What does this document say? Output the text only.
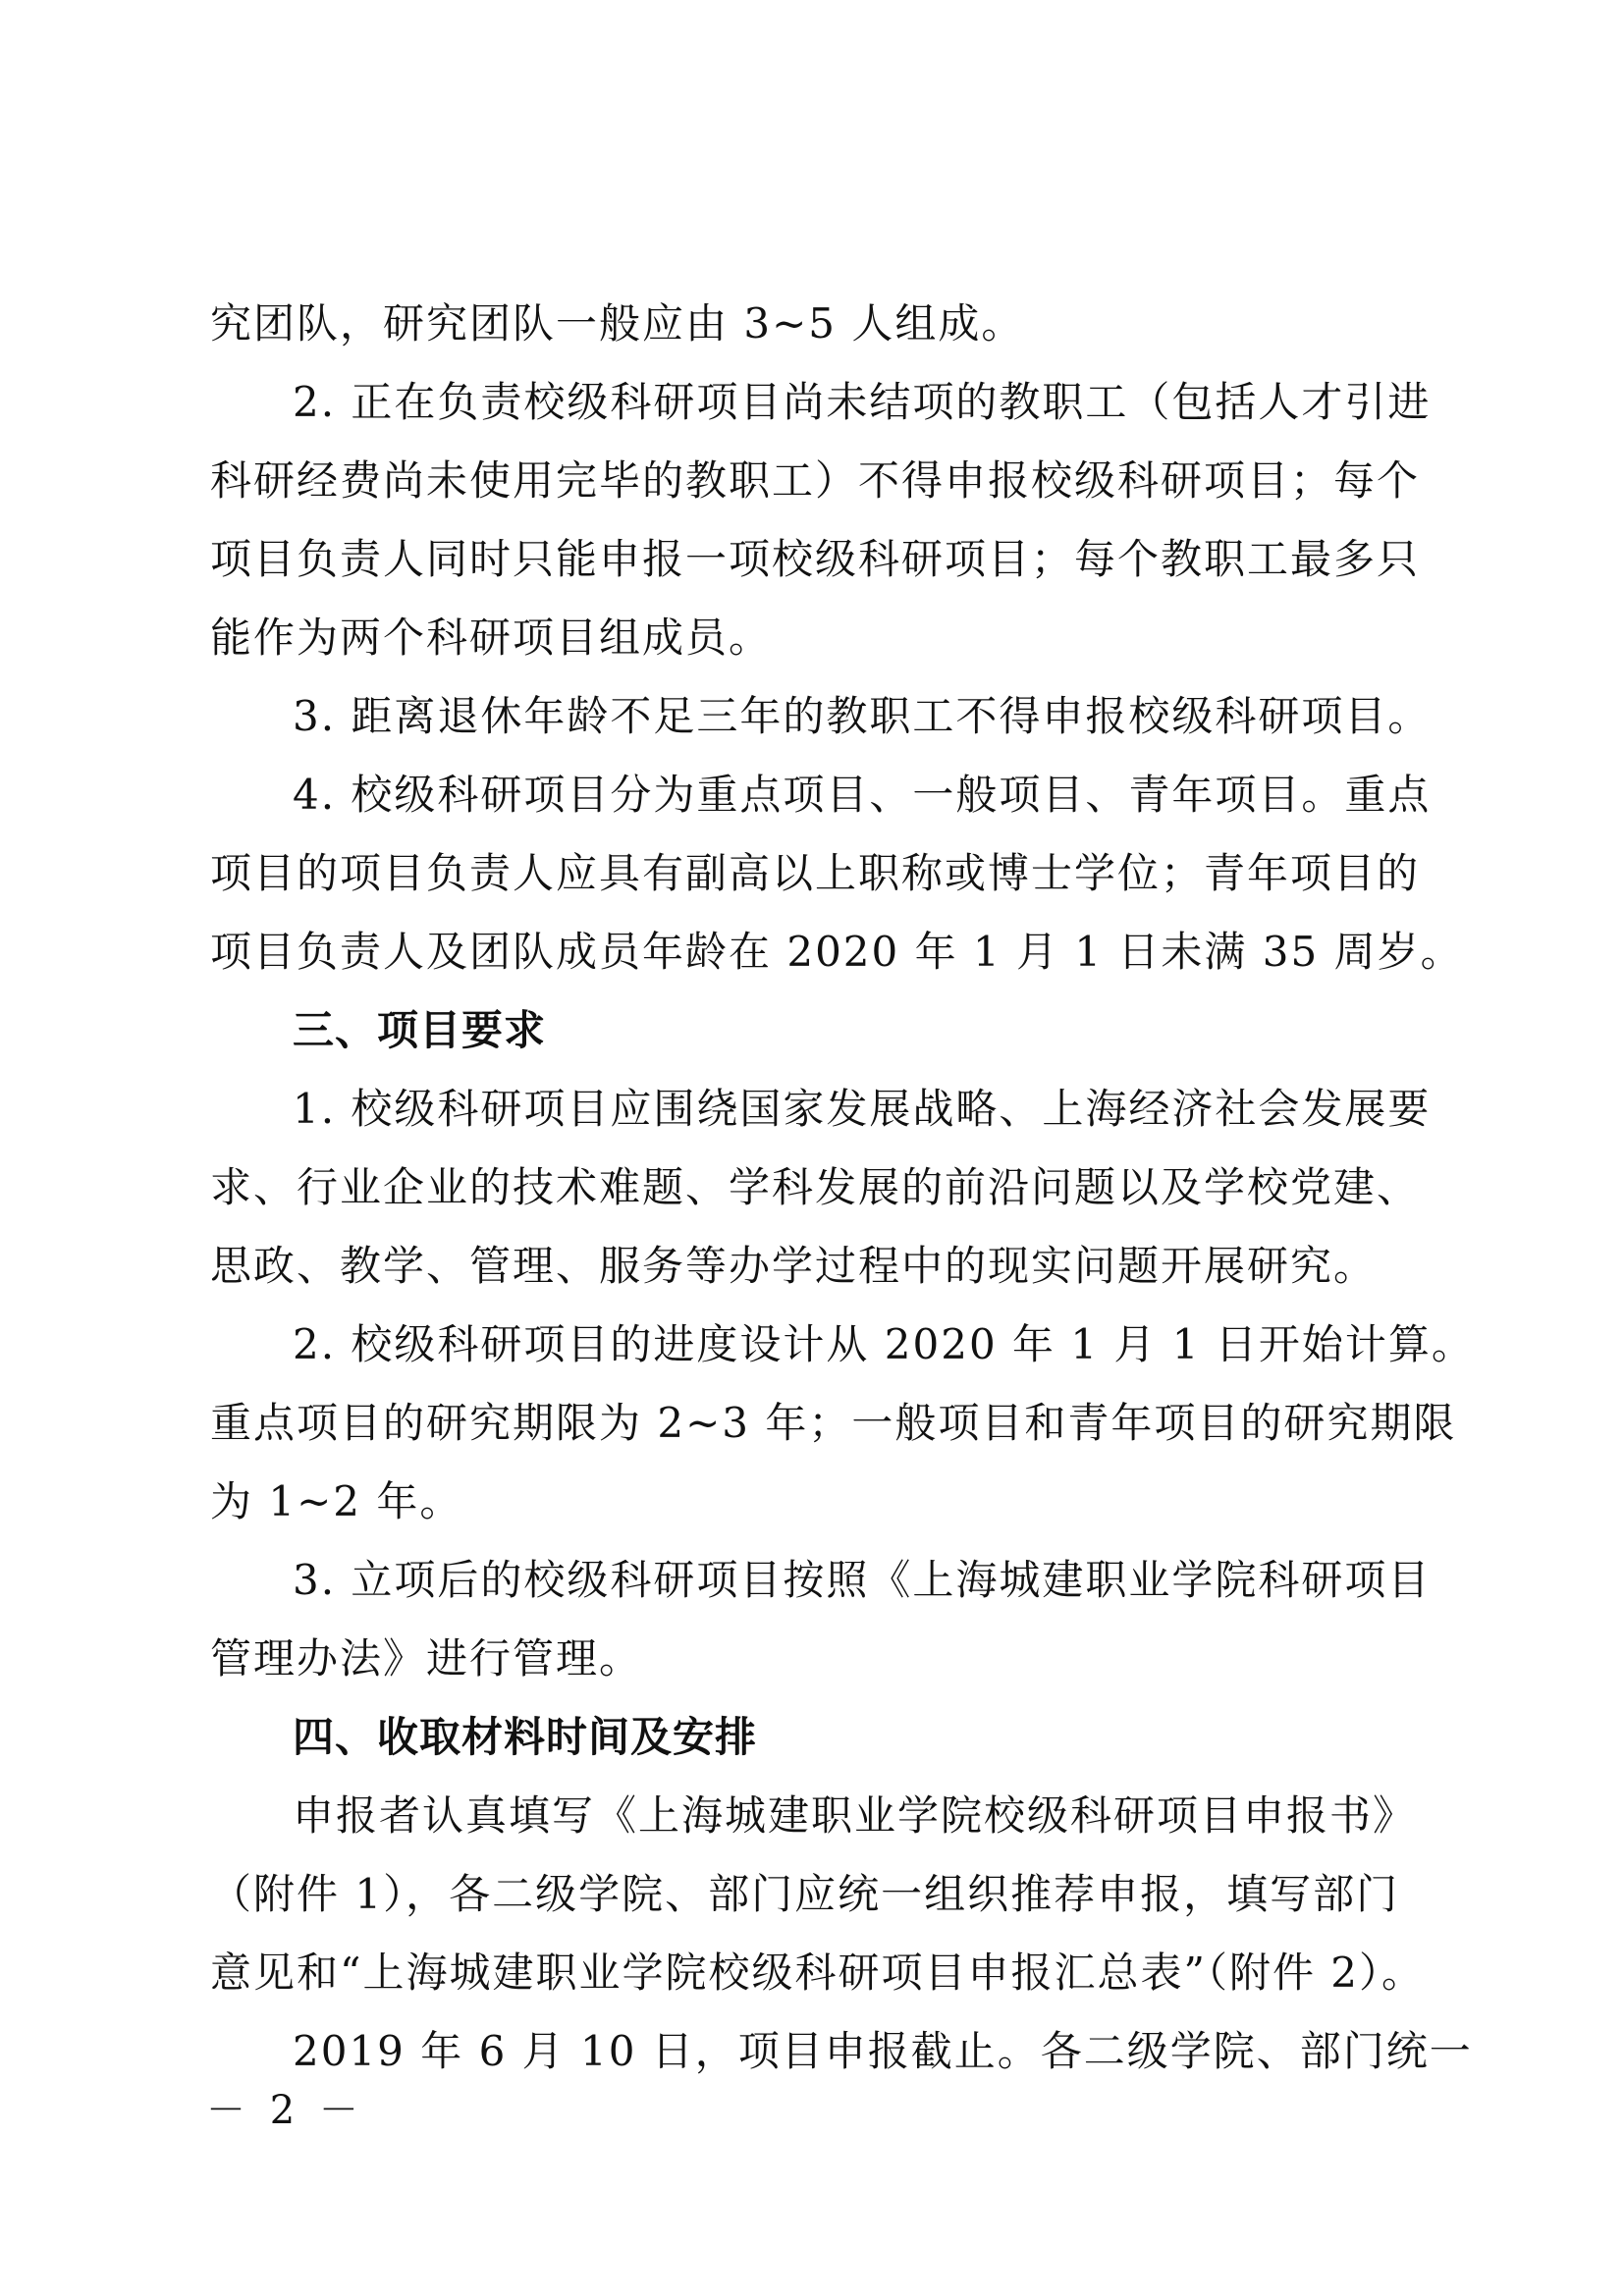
究团队，研究团队一般应由 3~5 人组成。
2. 正在负责校级科研项目尚未结项的教职工（包括人才引进
科研经费尚未使用完毕的教职工）不得申报校级科研项目；每个
项目负责人同时只能申报一项校级科研项目；每个教职工最多只
能作为两个科研项目组成员。
3. 距离退休年龄不足三年的教职工不得申报校级科研项目。
4. 校级科研项目分为重点项目、一般项目、青年项目。重点
项目的项目负责人应具有副高以上职称或博士学位；青年项目的
项目负责人及团队成员年龄在 2020 年 1 月 1 日未满 35 周岁。
三、项目要求
1. 校级科研项目应围绕国家发展战略、上海经济社会发展要
求、行业企业的技术难题、学科发展的前沿问题以及学校党建、
思政、教学、管理、服务等办学过程中的现实问题开展研究。
2. 校级科研项目的进度设计从 2020 年 1 月 1 日开始计算。
重点项目的研究期限为 2~3 年；一般项目和青年项目的研究期限
为 1~2 年。
3. 立项后的校级科研项目按照《上海城建职业学院科研项目
管理办法》进行管理。
四、收取材料时间及安排
申报者认真填写《上海城建职业学院校级科研项目申报书》
（附件 1），各二级学院、部门应统一组织推荐申报，填写部门
意见和“上海城建职业学院校级科研项目申报汇总表”（附件 2）。
2019 年 6 月 10 日，项目申报截止。各二级学院、部门统一
－ 2 －
